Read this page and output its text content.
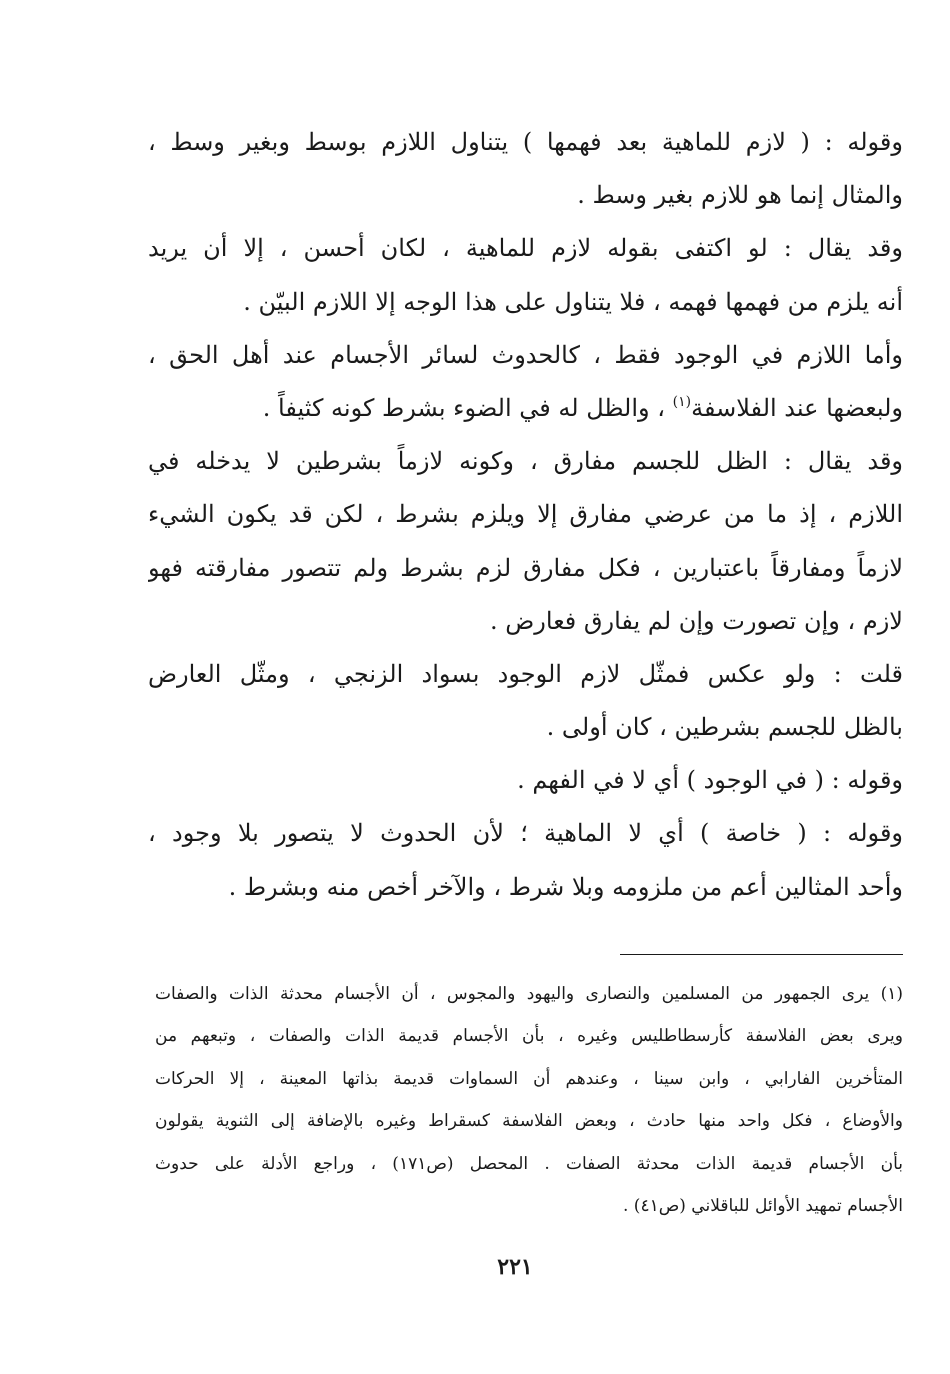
وقوله : ( لازم للماهية بعد فهمها ) يتناول اللازم بوسط وبغير وسط ،
والمثال إنما هو للازم بغير وسط .
وقد يقال : لو اكتفى بقوله لازم للماهية ، لكان أحسن ، إلا أن يريد
أنه يلزم من فهمها فهمه ، فلا يتناول على هذا الوجه إلا اللازم البيّن .
وأما اللازم في الوجود فقط ، كالحدوث لسائر الأجسام عند أهل الحق ،
ولبعضها عند الفلاسفة$^{(١)}$ ، والظل له في الضوء بشرط كونه كثيفاً .
وقد يقال : الظل للجسم مفارق ، وكونه لازماً بشرطين لا يدخله في
اللازم ، إذ ما من عرضي مفارق إلا ويلزم بشرط ، لكن قد يكون الشيء
لازماً ومفارقاً باعتبارين ، فكل مفارق لزم بشرط ولم تتصور مفارقته فهو
لازم ، وإن تصورت وإن لم يفارق فعارض .
قلت : ولو عكس فمثّل لازم الوجود بسواد الزنجي ، ومثّل العارض
بالظل للجسم بشرطين ، كان أولى .
وقوله : ( في الوجود ) أي لا في الفهم .
وقوله : ( خاصة ) أي لا الماهية ؛ لأن الحدوث لا يتصور بلا وجود ،
وأحد المثالين أعم من ملزومه وبلا شرط ، والآخر أخص منه وبشرط .
(١) يرى الجمهور من المسلمين والنصارى واليهود والمجوس ، أن الأجسام محدثة الذات والصفات
ويرى بعض الفلاسفة كأرسطاطليس وغيره ، بأن الأجسام قديمة الذات والصفات ، وتبعهم من
المتأخرين الفارابي ، وابن سينا ، وعندهم أن السماوات قديمة بذاتها المعينة ، إلا الحركات
والأوضاع ، فكل واحد منها حادث ، وبعض الفلاسفة كسقراط وغيره بالإضافة إلى الثنوية يقولون
بأن الأجسام قديمة الذات محدثة الصفات . المحصل (ص١٧١) ، وراجع الأدلة على حدوث
الأجسام تمهيد الأوائل للباقلاني (ص٤١) .
٢٢١
